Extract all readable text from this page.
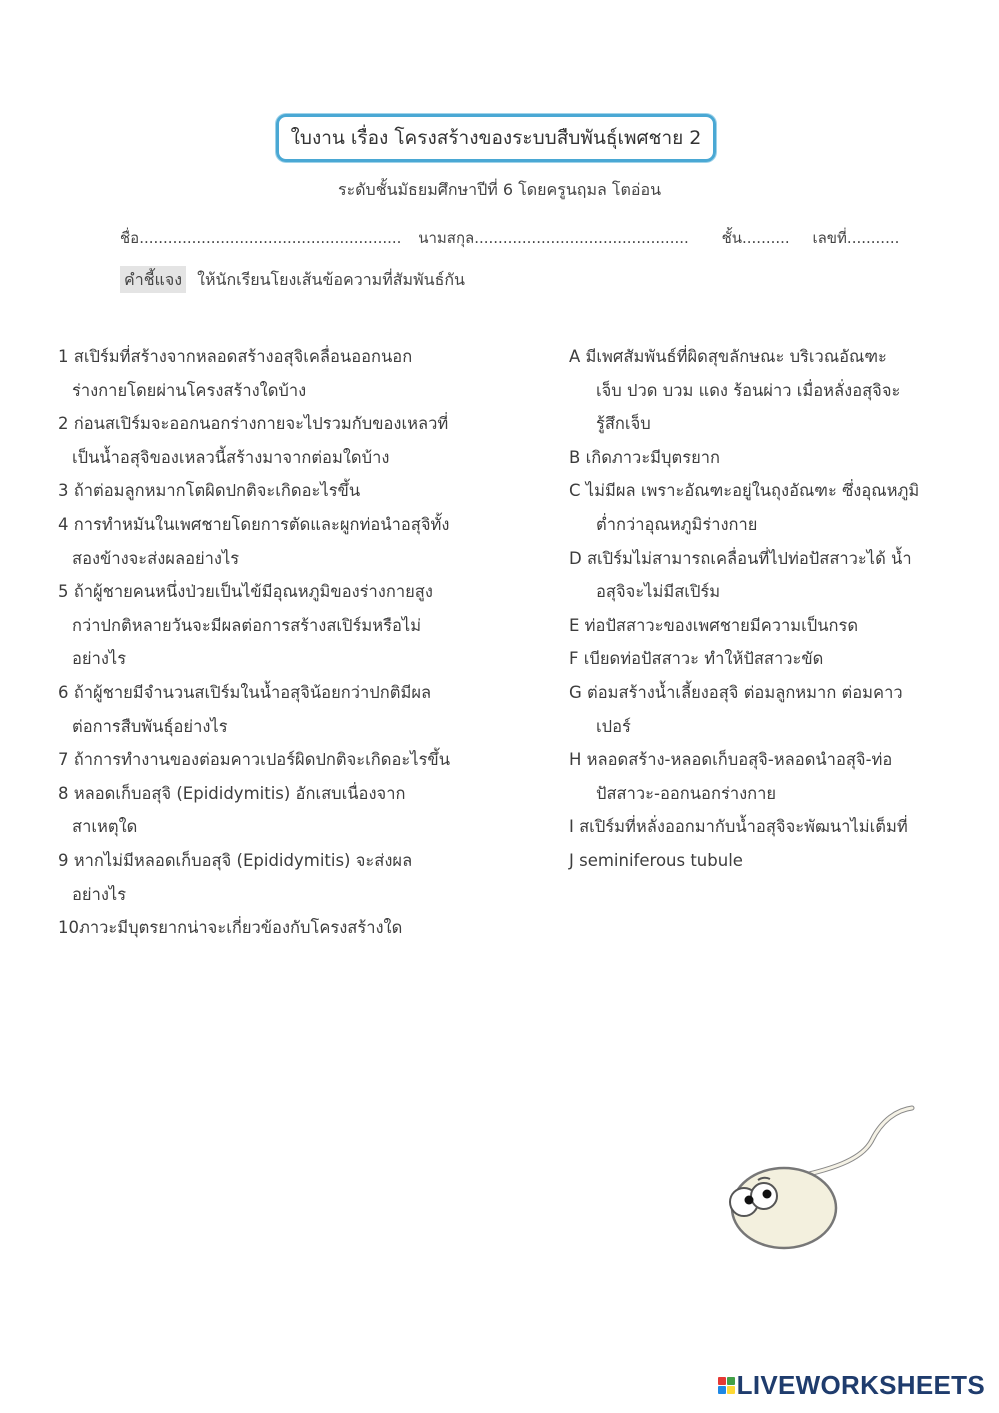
ใบงาน เรื่อง โครงสร้างของระบบสืบพันธุ์เพศชาย 2
ระดับชั้นมัธยมศึกษาปีที่ 6 โดยครูนฤมล โตอ่อน
ชื่อ....................................................... นามสกุล............................................. ชั้น.......... เลขที่...........
คำชี้แจง ให้นักเรียนโยงเส้นข้อความที่สัมพันธ์กัน
1 สเปิร์มที่สร้างจากหลอดสร้างอสุจิเคลื่อนออกนอก
ร่างกายโดยผ่านโครงสร้างใดบ้าง
2 ก่อนสเปิร์มจะออกนอกร่างกายจะไปรวมกับของเหลวที่
เป็นน้ำอสุจิของเหลวนี้สร้างมาจากต่อมใดบ้าง
3 ถ้าต่อมลูกหมากโตผิดปกติจะเกิดอะไรขึ้น
4 การทำหมันในเพศชายโดยการตัดและผูกท่อนำอสุจิทั้ง
สองข้างจะส่งผลอย่างไร
5 ถ้าผู้ชายคนหนึ่งป่วยเป็นไข้มีอุณหภูมิของร่างกายสูง
กว่าปกติหลายวันจะมีผลต่อการสร้างสเปิร์มหรือไม่
อย่างไร
6 ถ้าผู้ชายมีจำนวนสเปิร์มในน้ำอสุจิน้อยกว่าปกติมีผล
ต่อการสืบพันธุ์อย่างไร
7 ถ้าการทำงานของต่อมคาวเปอร์ผิดปกติจะเกิดอะไรขึ้น
8 หลอดเก็บอสุจิ (Epididymitis) อักเสบเนื่องจาก
สาเหตุใด
9 หากไม่มีหลอดเก็บอสุจิ (Epididymitis) จะส่งผล
อย่างไร
10ภาวะมีบุตรยากน่าจะเกี่ยวข้องกับโครงสร้างใด
A มีเพศสัมพันธ์ที่ผิดสุขลักษณะ บริเวณอัณฑะ
เจ็บ ปวด บวม แดง ร้อนผ่าว เมื่อหลั่งอสุจิจะ
รู้สึกเจ็บ
B เกิดภาวะมีบุตรยาก
C ไม่มีผล เพราะอัณฑะอยู่ในถุงอัณฑะ ซึ่งอุณหภูมิ
ต่ำกว่าอุณหภูมิร่างกาย
D สเปิร์มไม่สามารถเคลื่อนที่ไปท่อปัสสาวะได้ น้ำ
อสุจิจะไม่มีสเปิร์ม
E ท่อปัสสาวะของเพศชายมีความเป็นกรด
F เบียดท่อปัสสาวะ ทำให้ปัสสาวะขัด
G ต่อมสร้างน้ำเลี้ยงอสุจิ ต่อมลูกหมาก ต่อมคาว
เปอร์
H หลอดสร้าง-หลอดเก็บอสุจิ-หลอดนำอสุจิ-ท่อ
ปัสสาวะ-ออกนอกร่างกาย
I สเปิร์มที่หลั่งออกมากับน้ำอสุจิจะพัฒนาไม่เต็มที่
J seminiferous tubule
LIVEWORKSHEETS
